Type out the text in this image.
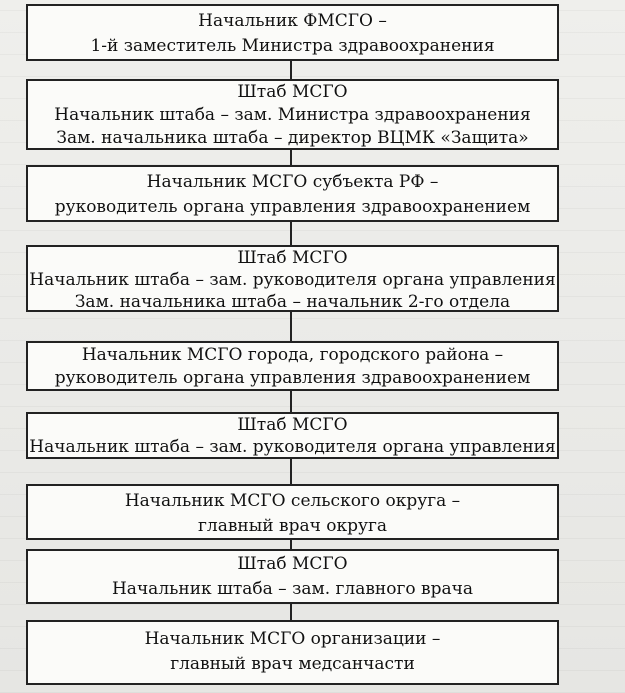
Начальник ФМСГО –
1-й заместитель Министра здравоохранения
Штаб МСГО
Начальник штаба – зам. Министра здравоохранения
Зам. начальника штаба – директор ВЦМК «Защита»
Начальник МСГО субъекта РФ –
руководитель органа управления здравоохранением
Штаб МСГО
Начальник штаба – зам. руководителя органа управления
Зам. начальника штаба – начальник 2-го отдела
Начальник МСГО города, городского района –
руководитель органа управления здравоохранением
Штаб МСГО
Начальник штаба – зам. руководителя органа управления
Начальник МСГО сельского округа –
главный врач округа
Штаб МСГО
Начальник штаба – зам. главного врача
Начальник МСГО организации –
главный врач медсанчасти
